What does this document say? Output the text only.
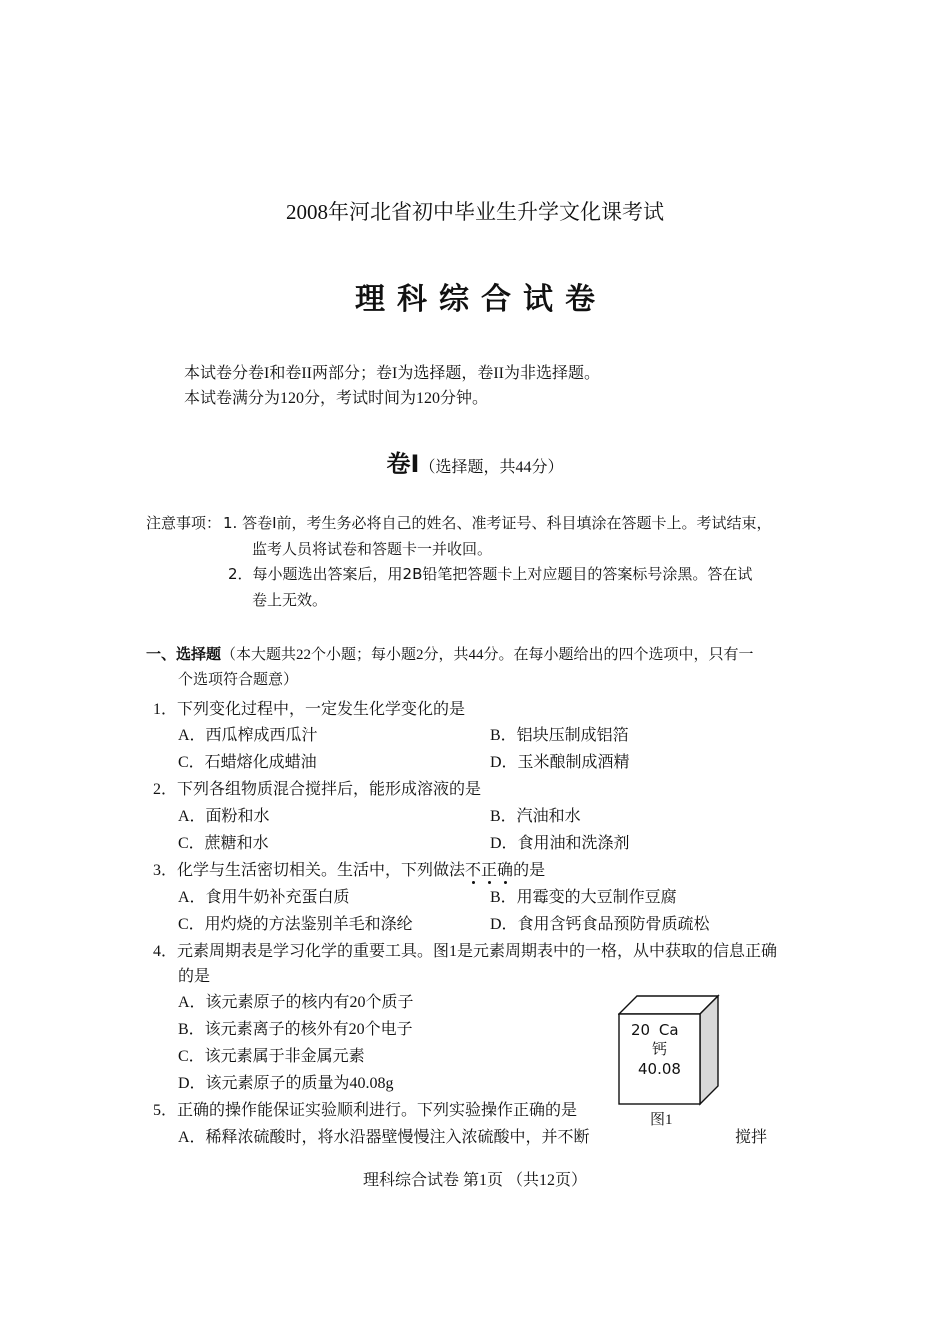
2008年河北省初中毕业生升学文化课考试
理科综合试卷
本试卷分卷I和卷II两部分；卷I为选择题，卷II为非选择题。
本试卷满分为120分，考试时间为120分钟。
卷Ⅰ（选择题，共44分）
注意事项： 1. 答卷Ⅰ前，考生务必将自己的姓名、准考证号、科目填涂在答题卡上。考试结束，
监考人员将试卷和答题卡一并收回。
2．每小题选出答案后，用2B铅笔把答题卡上对应题目的答案标号涂黑。答在试
卷上无效。
一、选择题（本大题共22个小题；每小题2分，共44分。在每小题给出的四个选项中，只有一
个选项符合题意）
1．下列变化过程中，一定发生化学变化的是
A．西瓜榨成西瓜汁	B．铝块压制成铝箔
C．石蜡熔化成蜡油	D．玉米酿制成酒精
2．下列各组物质混合搅拌后，能形成溶液的是
A．面粉和水	B．汽油和水
C．蔗糖和水	D．食用油和洗涤剂
3．化学与生活密切相关。生活中，下列做法不正确的是
A．食用牛奶补充蛋白质	B．用霉变的大豆制作豆腐
C．用灼烧的方法鉴别羊毛和涤纶	D．食用含钙食品预防骨质疏松
4．元素周期表是学习化学的重要工具。图1是元素周期表中的一格，从中获取的信息正确
的是
A．该元素原子的核内有20个质子
B．该元素离子的核外有20个电子
C．该元素属于非金属元素
D．该元素原子的质量为40.08g
20 Ca
钙
40.08
图1
5．正确的操作能保证实验顺利进行。下列实验操作正确的是
A．稀释浓硫酸时，将水沿器壁慢慢注入浓硫酸中，并不断	搅拌
理科综合试卷 第1页 （共12页）
